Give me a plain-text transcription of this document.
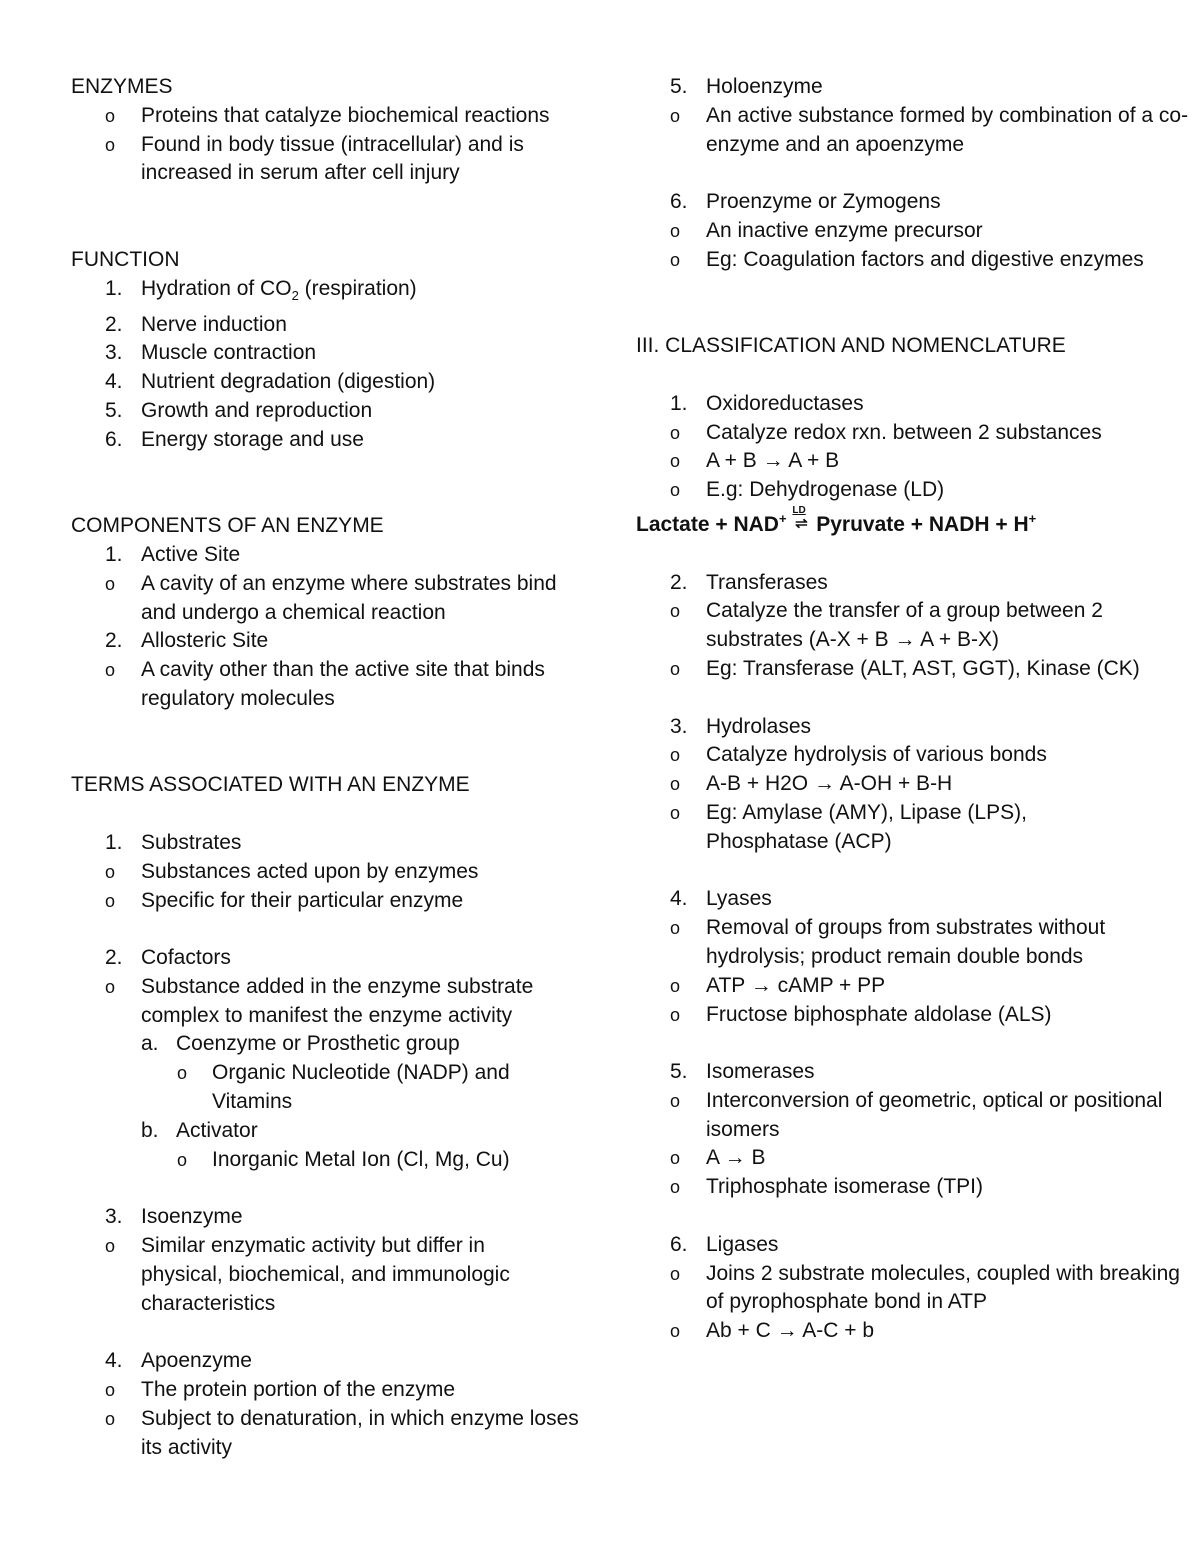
ENZYMES
o Proteins that catalyze biochemical reactions
o Found in body tissue (intracellular) and is increased in serum after cell injury
FUNCTION
1. Hydration of $CO_2$ (respiration)
2. Nerve induction
3. Muscle contraction
4. Nutrient degradation (digestion)
5. Growth and reproduction
6. Energy storage and use
COMPONENTS OF AN ENZYME
1. Active Site
o A cavity of an enzyme where substrates bind and undergo a chemical reaction
2. Allosteric Site
o A cavity other than the active site that binds regulatory molecules
TERMS ASSOCIATED WITH AN ENZYME
1. Substrates
o Substances acted upon by enzymes
o Specific for their particular enzyme
2. Cofactors
o Substance added in the enzyme substrate complex to manifest the enzyme activity
a. Coenzyme or Prosthetic group
o Organic Nucleotide (NADP) and Vitamins
b. Activator
o Inorganic Metal Ion (Cl, Mg, Cu)
3. Isoenzyme
o Similar enzymatic activity but differ in physical, biochemical, and immunologic characteristics
4. Apoenzyme
o The protein portion of the enzyme
o Subject to denaturation, in which enzyme loses its activity
5. Holoenzyme
o An active substance formed by combination of a co-enzyme and an apoenzyme
6. Proenzyme or Zymogens
o An inactive enzyme precursor
o Eg: Coagulation factors and digestive enzymes
III. CLASSIFICATION AND NOMENCLATURE
1. Oxidoreductases
o Catalyze redox rxn. between 2 substances
o A + B → A + B
o E.g: Dehydrogenase (LD)
Lactate + NAD+
LD
⇌ Pyruvate + NADH + H+
2. Transferases
o Catalyze the transfer of a group between 2 substrates (A-X + B → A + B-X)
o Eg: Transferase (ALT, AST, GGT), Kinase (CK)
3. Hydrolases
o Catalyze hydrolysis of various bonds
o A-B + H2O → A-OH + B-H
o Eg: Amylase (AMY), Lipase (LPS), Phosphatase (ACP)
4. Lyases
o Removal of groups from substrates without hydrolysis; product remain double bonds
o ATP → cAMP + PP
o Fructose biphosphate aldolase (ALS)
5. Isomerases
o Interconversion of geometric, optical or positional isomers
o A → B
o Triphosphate isomerase (TPI)
6. Ligases
o Joins 2 substrate molecules, coupled with breaking of pyrophosphate bond in ATP
o Ab + C → A-C + b
